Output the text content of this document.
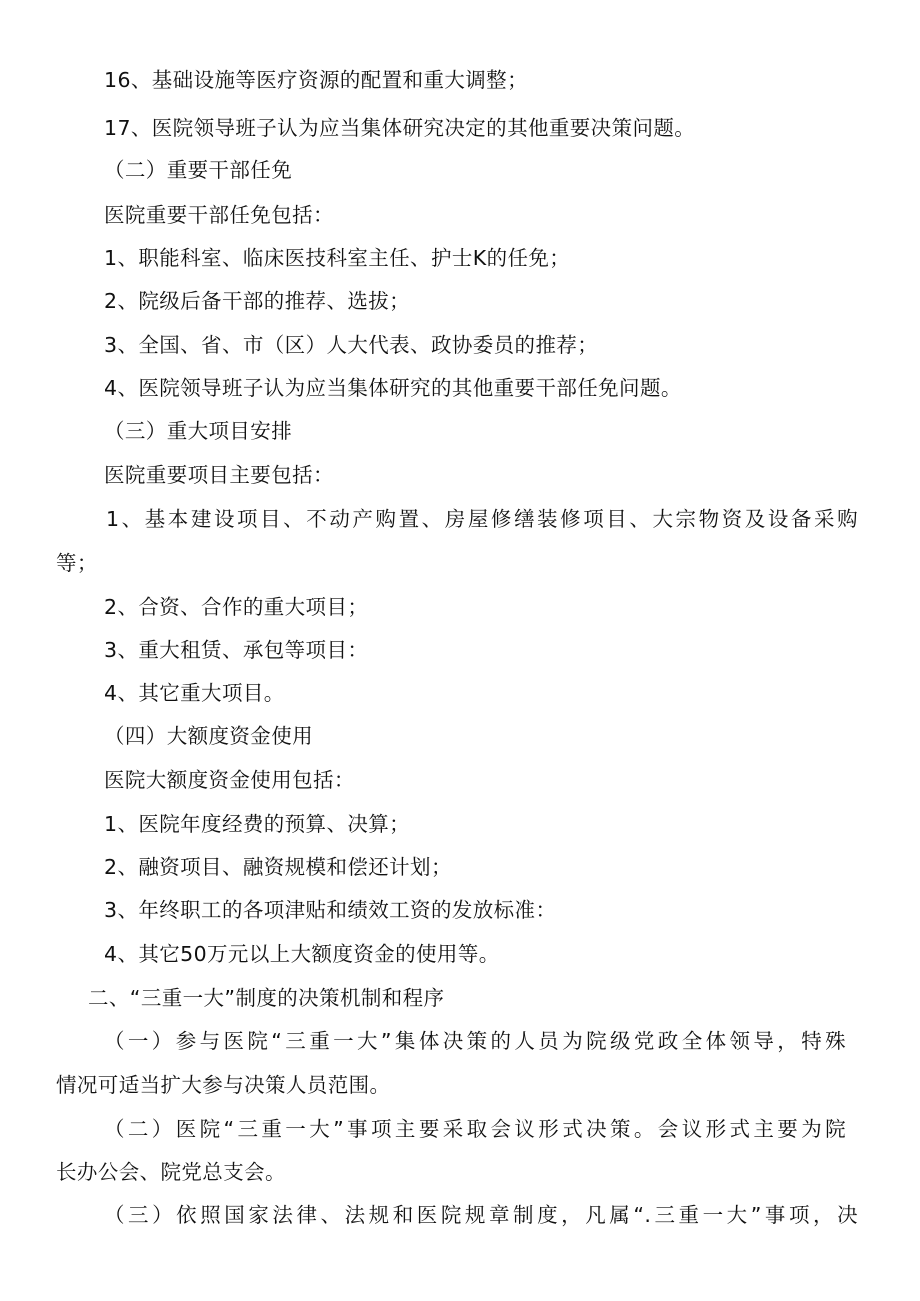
16、基础设施等医疗资源的配置和重大调整；
17、医院领导班子认为应当集体研究决定的其他重要决策问题。
（二）重要干部任免
医院重要干部任免包括：
1、职能科室、临床医技科室主任、护士K的任免；
2、院级后备干部的推荐、选拔；
3、全国、省、市（区）人大代表、政协委员的推荐；
4、医院领导班子认为应当集体研究的其他重要干部任免问题。
（三）重大项目安排
医院重要项目主要包括：
1、基本建设项目、不动产购置、房屋修缮装修项目、大宗物资及设备采购
等；
2、合资、合作的重大项目；
3、重大租赁、承包等项目：
4、其它重大项目。
（四）大额度资金使用
医院大额度资金使用包括：
1、医院年度经费的预算、决算；
2、融资项目、融资规模和偿还计划；
3、年终职工的各项津贴和绩效工资的发放标准：
4、其它50万元以上大额度资金的使用等。
二、“三重一大”制度的决策机制和程序
（一）参与医院“三重一大”集体决策的人员为院级党政全体领导，特殊
情况可适当扩大参与决策人员范围。
（二）医院“三重一大”事项主要采取会议形式决策。会议形式主要为院
长办公会、院党总支会。
（三）依照国家法律、法规和医院规章制度，凡属“.三重一大”事项，决
